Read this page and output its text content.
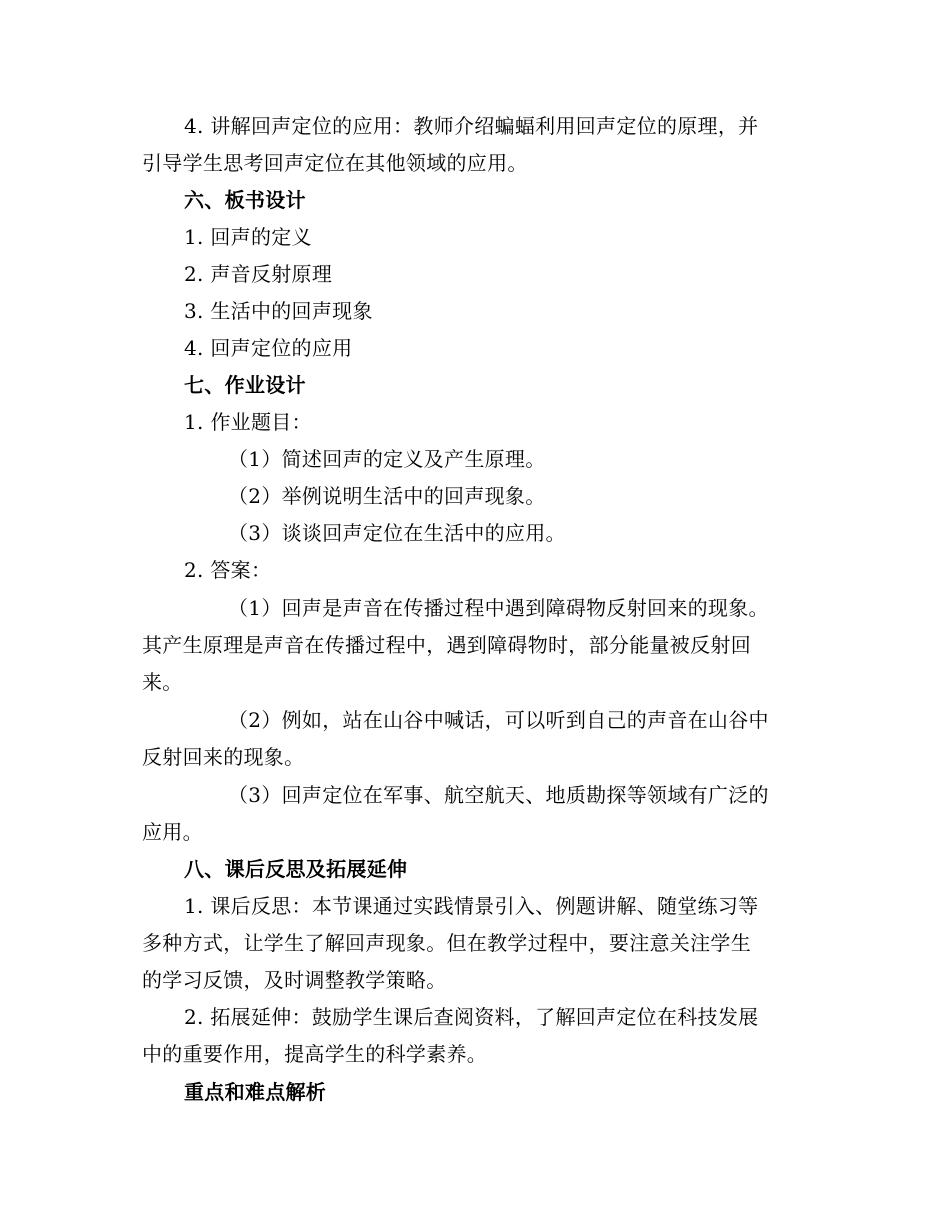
4. 讲解回声定位的应用：教师介绍蝙蝠利用回声定位的原理，并
引导学生思考回声定位在其他领域的应用。
六、板书设计
1. 回声的定义
2. 声音反射原理
3. 生活中的回声现象
4. 回声定位的应用
七、作业设计
1. 作业题目：
（1）简述回声的定义及产生原理。
（2）举例说明生活中的回声现象。
（3）谈谈回声定位在生活中的应用。
2. 答案：
（1）回声是声音在传播过程中遇到障碍物反射回来的现象。
其产生原理是声音在传播过程中，遇到障碍物时，部分能量被反射回
来。
（2）例如，站在山谷中喊话，可以听到自己的声音在山谷中
反射回来的现象。
（3）回声定位在军事、航空航天、地质勘探等领域有广泛的
应用。
八、课后反思及拓展延伸
1. 课后反思：本节课通过实践情景引入、例题讲解、随堂练习等
多种方式，让学生了解回声现象。但在教学过程中，要注意关注学生
的学习反馈，及时调整教学策略。
2. 拓展延伸：鼓励学生课后查阅资料，了解回声定位在科技发展
中的重要作用，提高学生的科学素养。
重点和难点解析
